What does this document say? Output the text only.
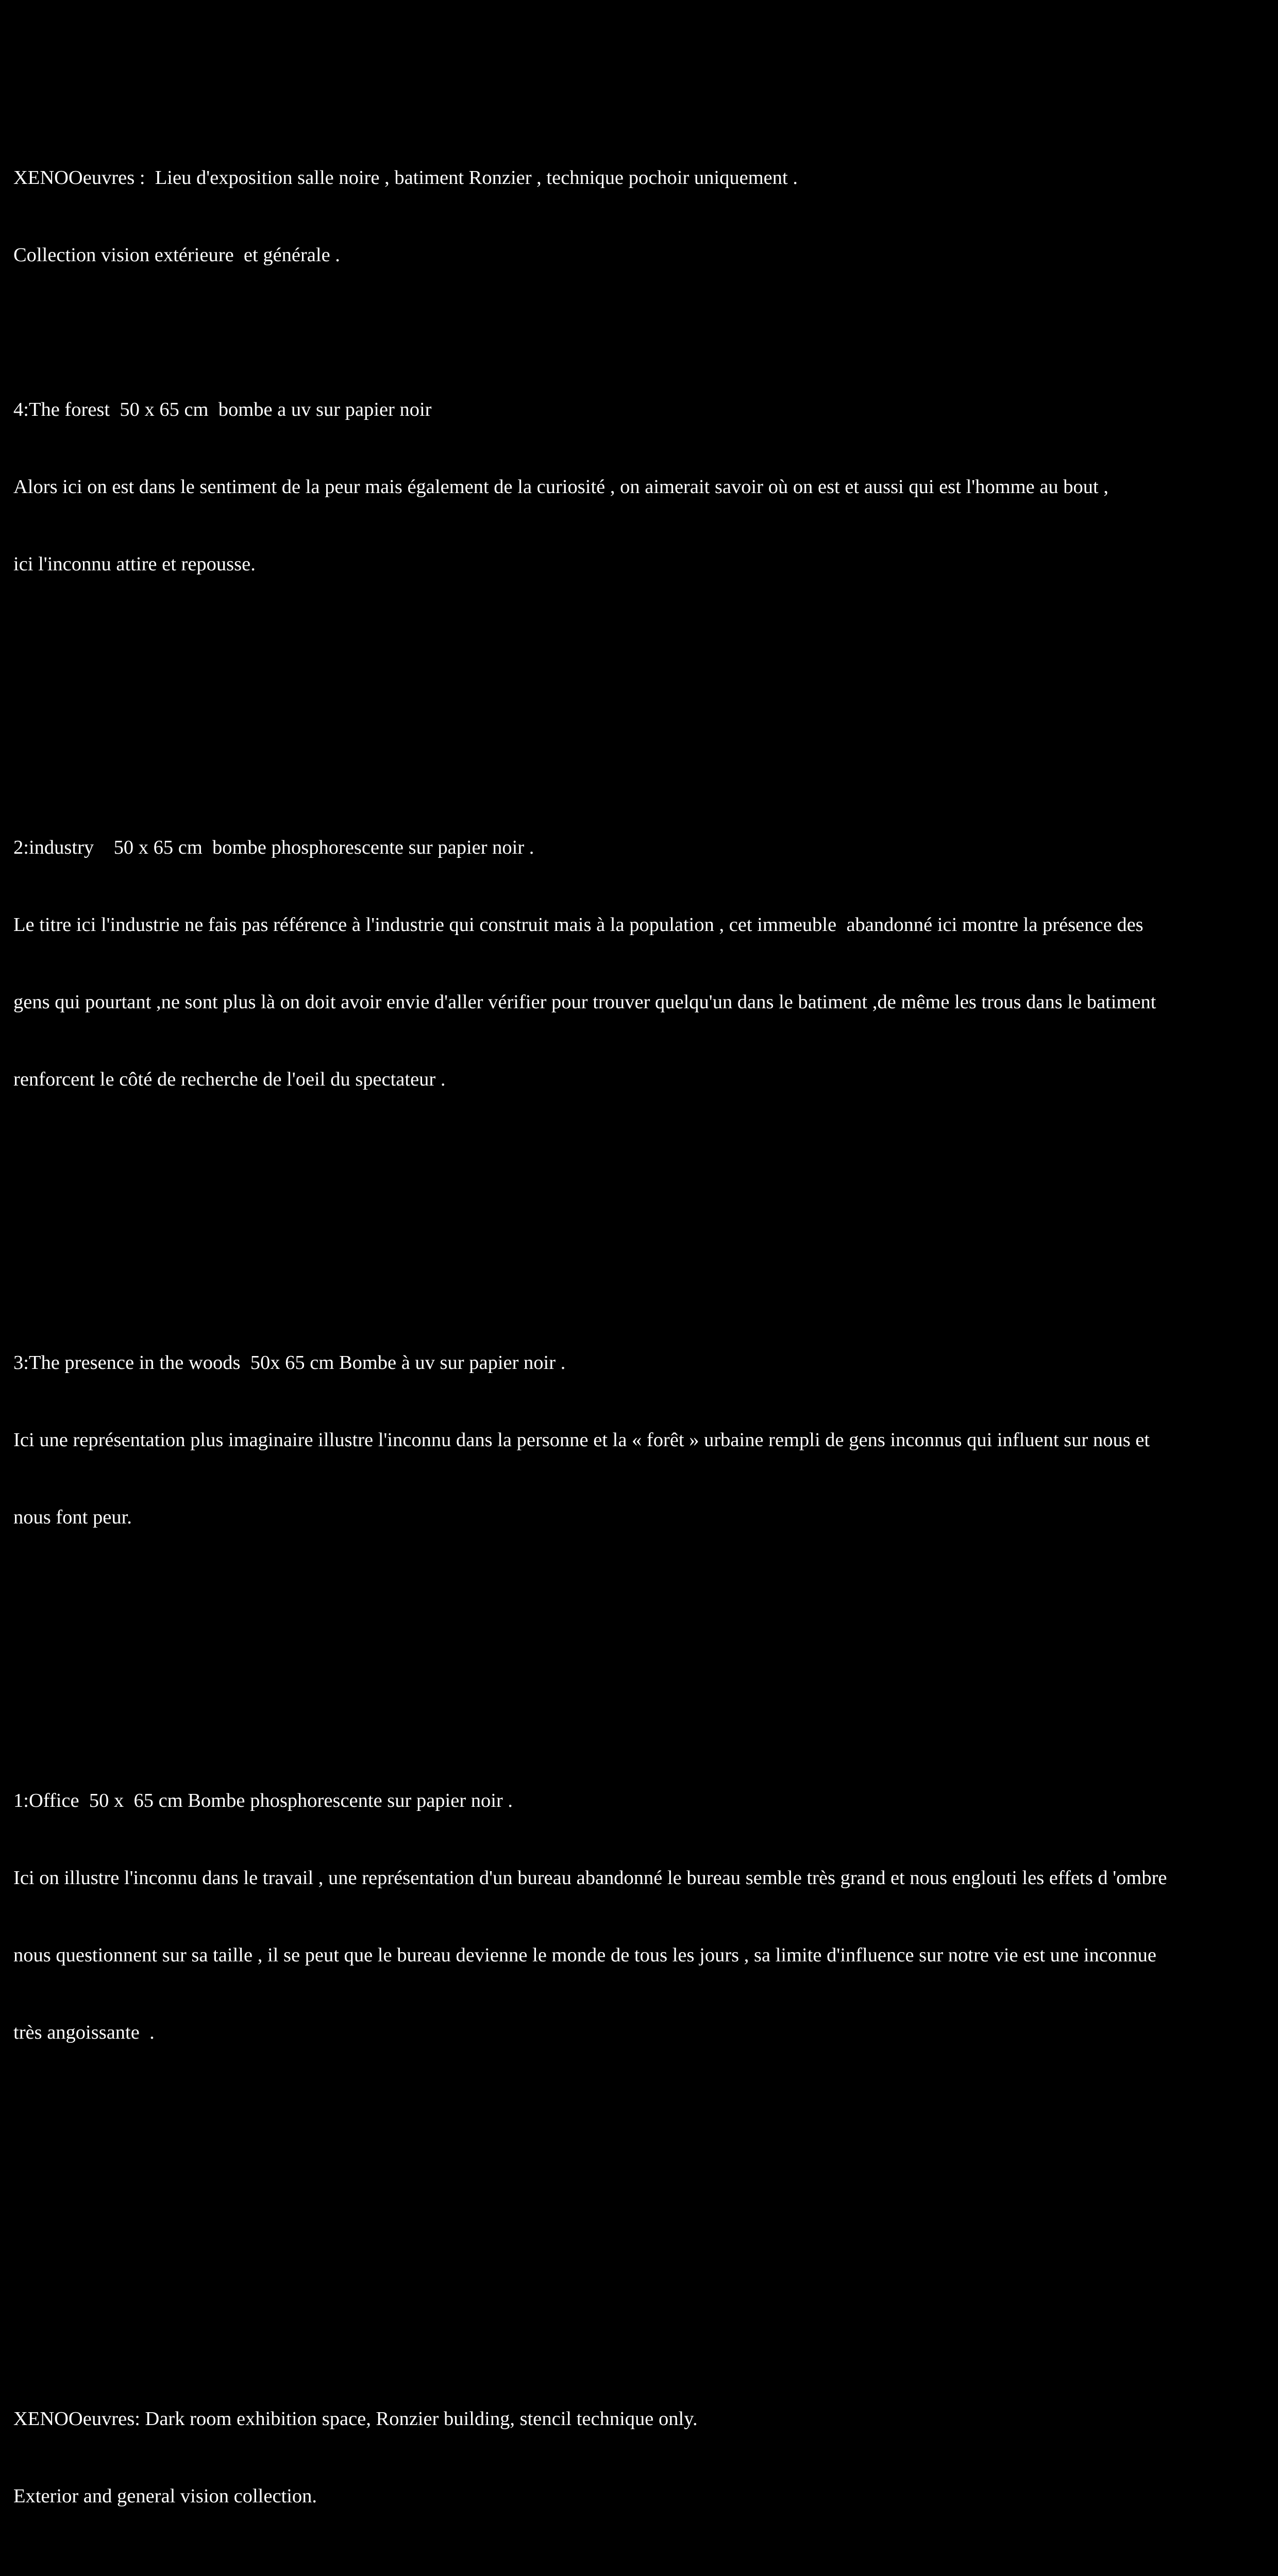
XENOOeuvres :  Lieu d'exposition salle noire , batiment Ronzier , technique pochoir uniquement .

Collection vision extérieure  et générale .

4:The forest  50 x 65 cm  bombe a uv sur papier noir

Alors ici on est dans le sentiment de la peur mais également de la curiosité , on aimerait savoir où on est et aussi qui est l'homme au bout ,

ici l'inconnu attire et repousse.

2:industry    50 x 65 cm  bombe phosphorescente sur papier noir .

Le titre ici l'industrie ne fais pas référence à l'industrie qui construit mais à la population , cet immeuble  abandonné ici montre la présence des

gens qui pourtant ,ne sont plus là on doit avoir envie d'aller vérifier pour trouver quelqu'un dans le batiment ,de même les trous dans le batiment

renforcent le côté de recherche de l'oeil du spectateur .

3:The presence in the woods  50x 65 cm Bombe à uv sur papier noir .

Ici une représentation plus imaginaire illustre l'inconnu dans la personne et la « forêt » urbaine rempli de gens inconnus qui influent sur nous et

nous font peur.

1:Office  50 x  65 cm Bombe phosphorescente sur papier noir .

Ici on illustre l'inconnu dans le travail , une représentation d'un bureau abandonné le bureau semble très grand et nous englouti les effets d 'ombre

nous questionnent sur sa taille , il se peut que le bureau devienne le monde de tous les jours , sa limite d'influence sur notre vie est une inconnue

très angoissante  .

XENOOeuvres: Dark room exhibition space, Ronzier building, stencil technique only.

Exterior and general vision collection.
